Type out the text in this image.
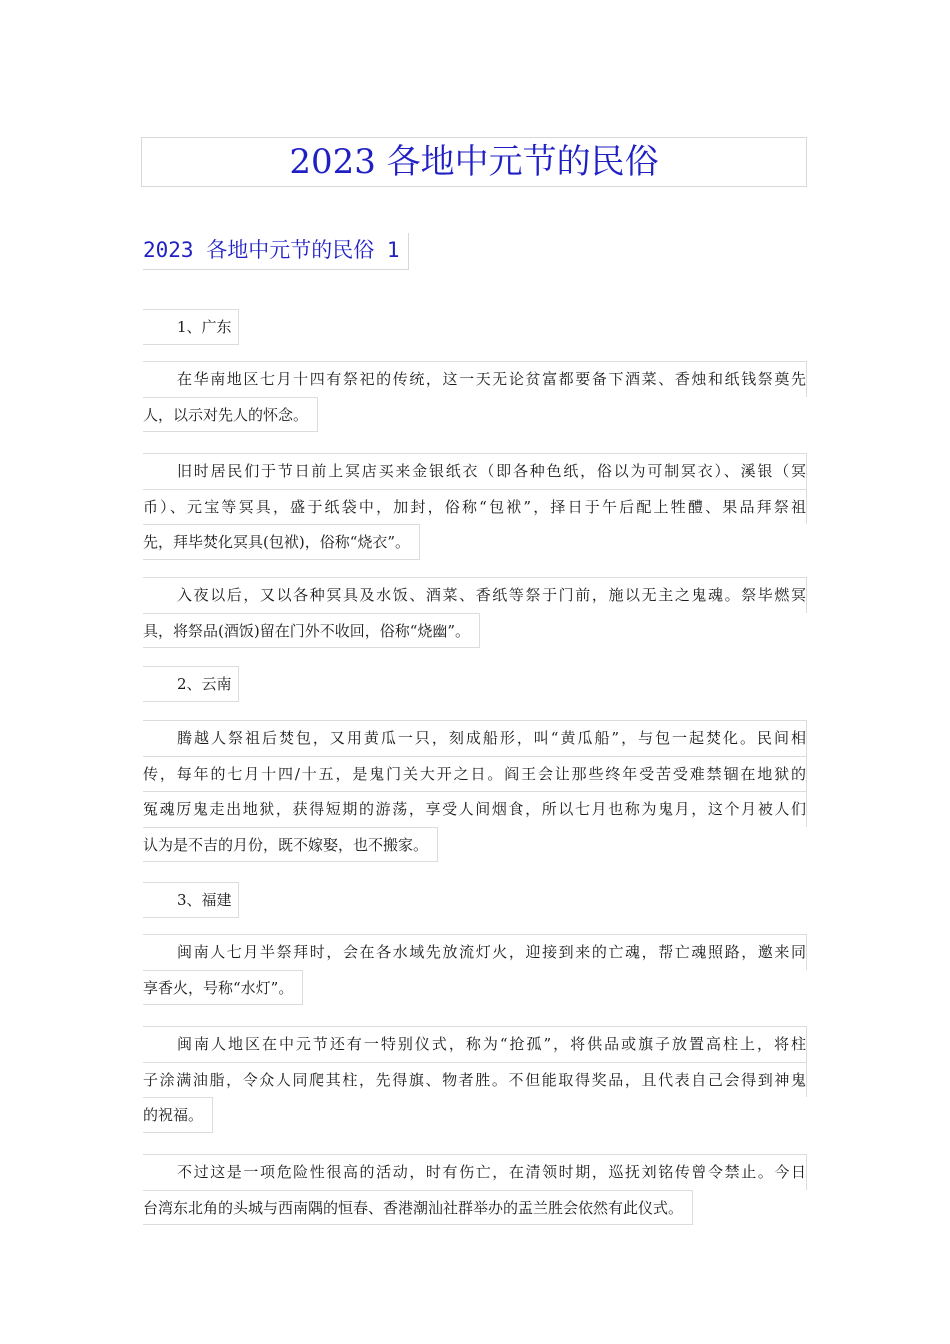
2023 各地中元节的民俗
2023 各地中元节的民俗 1
1、广东
在华南地区七月十四有祭祀的传统，这一天无论贫富都要备下酒菜、香烛和纸钱祭奠先
人，以示对先人的怀念。
旧时居民们于节日前上冥店买来金银纸衣（即各种色纸，俗以为可制冥衣）、溪银（冥
币）、元宝等冥具，盛于纸袋中，加封，俗称“包袱”，择日于午后配上牲醴、果品拜祭祖
先，拜毕焚化冥具(包袱)，俗称“烧衣”。
入夜以后，又以各种冥具及水饭、酒菜、香纸等祭于门前，施以无主之鬼魂。祭毕燃冥
具，将祭品(酒饭)留在门外不收回，俗称“烧幽”。
2、云南
腾越人祭祖后焚包，又用黄瓜一只，刻成船形，叫“黄瓜船”，与包一起焚化。民间相
传，每年的七月十四/十五，是鬼门关大开之日。阎王会让那些终年受苦受难禁锢在地狱的
冤魂厉鬼走出地狱，获得短期的游荡，享受人间烟食，所以七月也称为鬼月，这个月被人们
认为是不吉的月份，既不嫁娶，也不搬家。
3、福建
闽南人七月半祭拜时，会在各水域先放流灯火，迎接到来的亡魂，帮亡魂照路，邀来同
享香火，号称“水灯”。
闽南人地区在中元节还有一特别仪式，称为“抢孤”，将供品或旗子放置高柱上，将柱
子涂满油脂，令众人同爬其柱，先得旗、物者胜。不但能取得奖品，且代表自己会得到神鬼
的祝福。
不过这是一项危险性很高的活动，时有伤亡，在清领时期，巡抚刘铭传曾令禁止。今日
台湾东北角的头城与西南隅的恒春、香港潮汕社群举办的盂兰胜会依然有此仪式。
